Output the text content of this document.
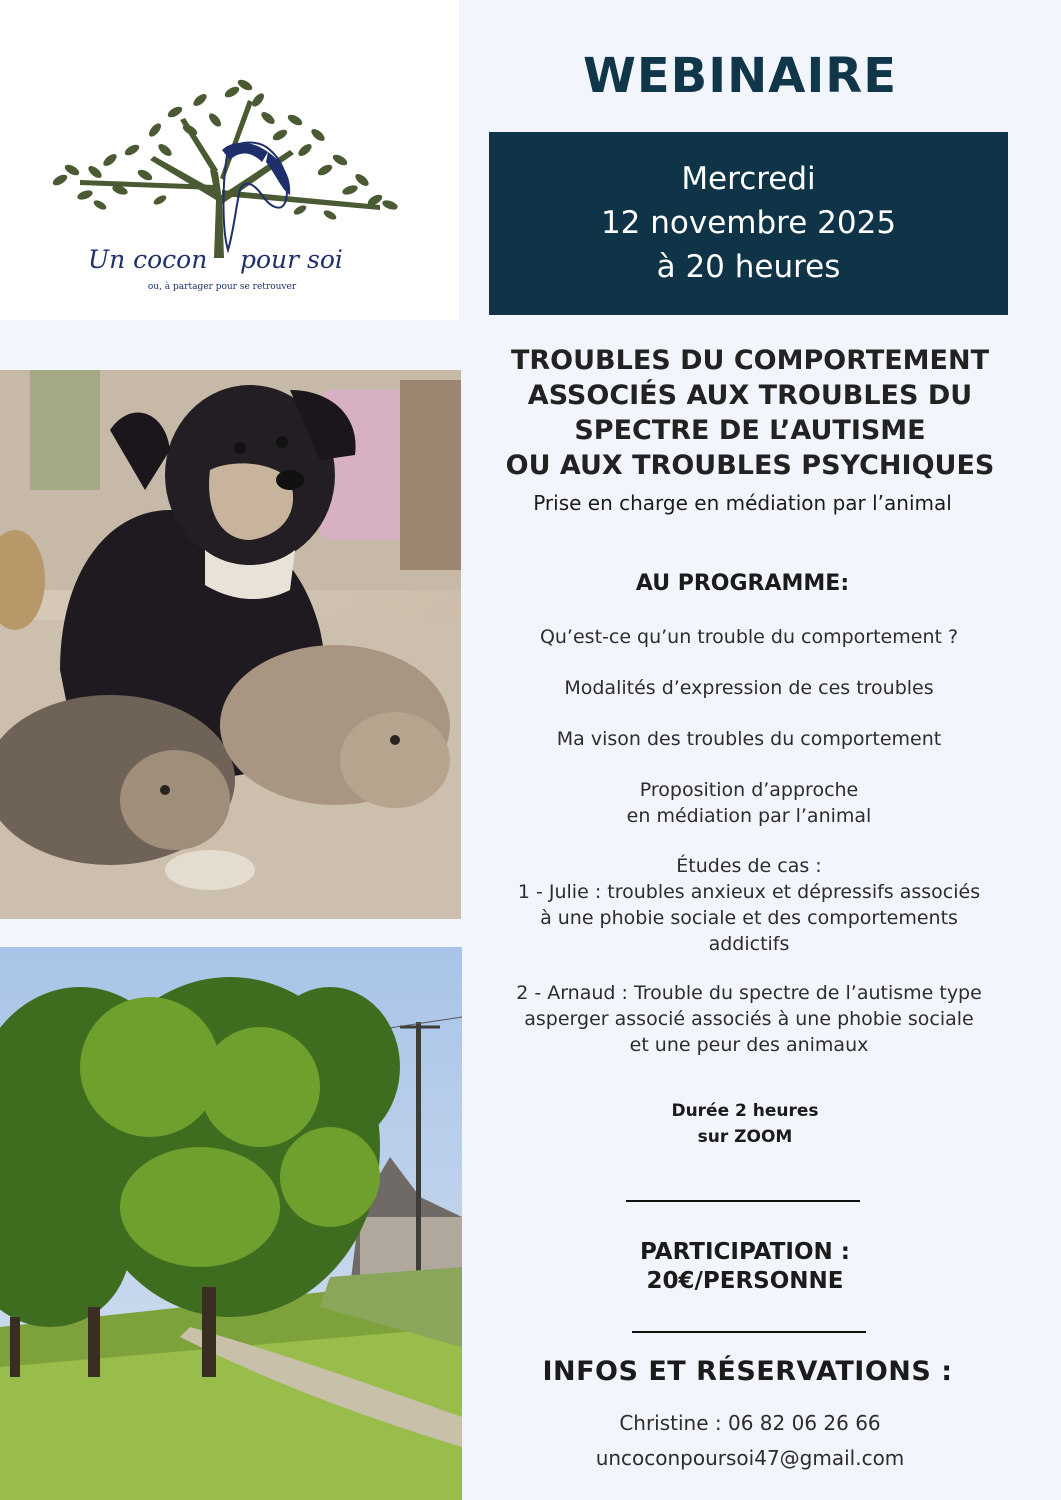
Un cocon pour soi
ou, à partager pour se retrouver
WEBINAIRE
Mercredi
12 novembre 2025
à 20 heures
TROUBLES DU COMPORTEMENT
ASSOCIÉS AUX TROUBLES DU
SPECTRE DE L’AUTISME
OU AUX TROUBLES PSYCHIQUES
Prise en charge en médiation par l’animal
AU PROGRAMME:
Qu’est-ce qu’un trouble du comportement ?
Modalités d’expression de ces troubles
Ma vison des troubles du comportement
Proposition d’approche
en médiation par l’animal
Études de cas :
1 - Julie : troubles anxieux et dépressifs associés
à une phobie sociale et des comportements
addictifs
2 - Arnaud : Trouble du spectre de l’autisme type
asperger associé associés à une phobie sociale
et une peur des animaux
Durée 2 heures
sur ZOOM
PARTICIPATION :
20€/PERSONNE
INFOS ET RÉSERVATIONS :
Christine : 06 82 06 26 66
uncoconpoursoi47@gmail.com
